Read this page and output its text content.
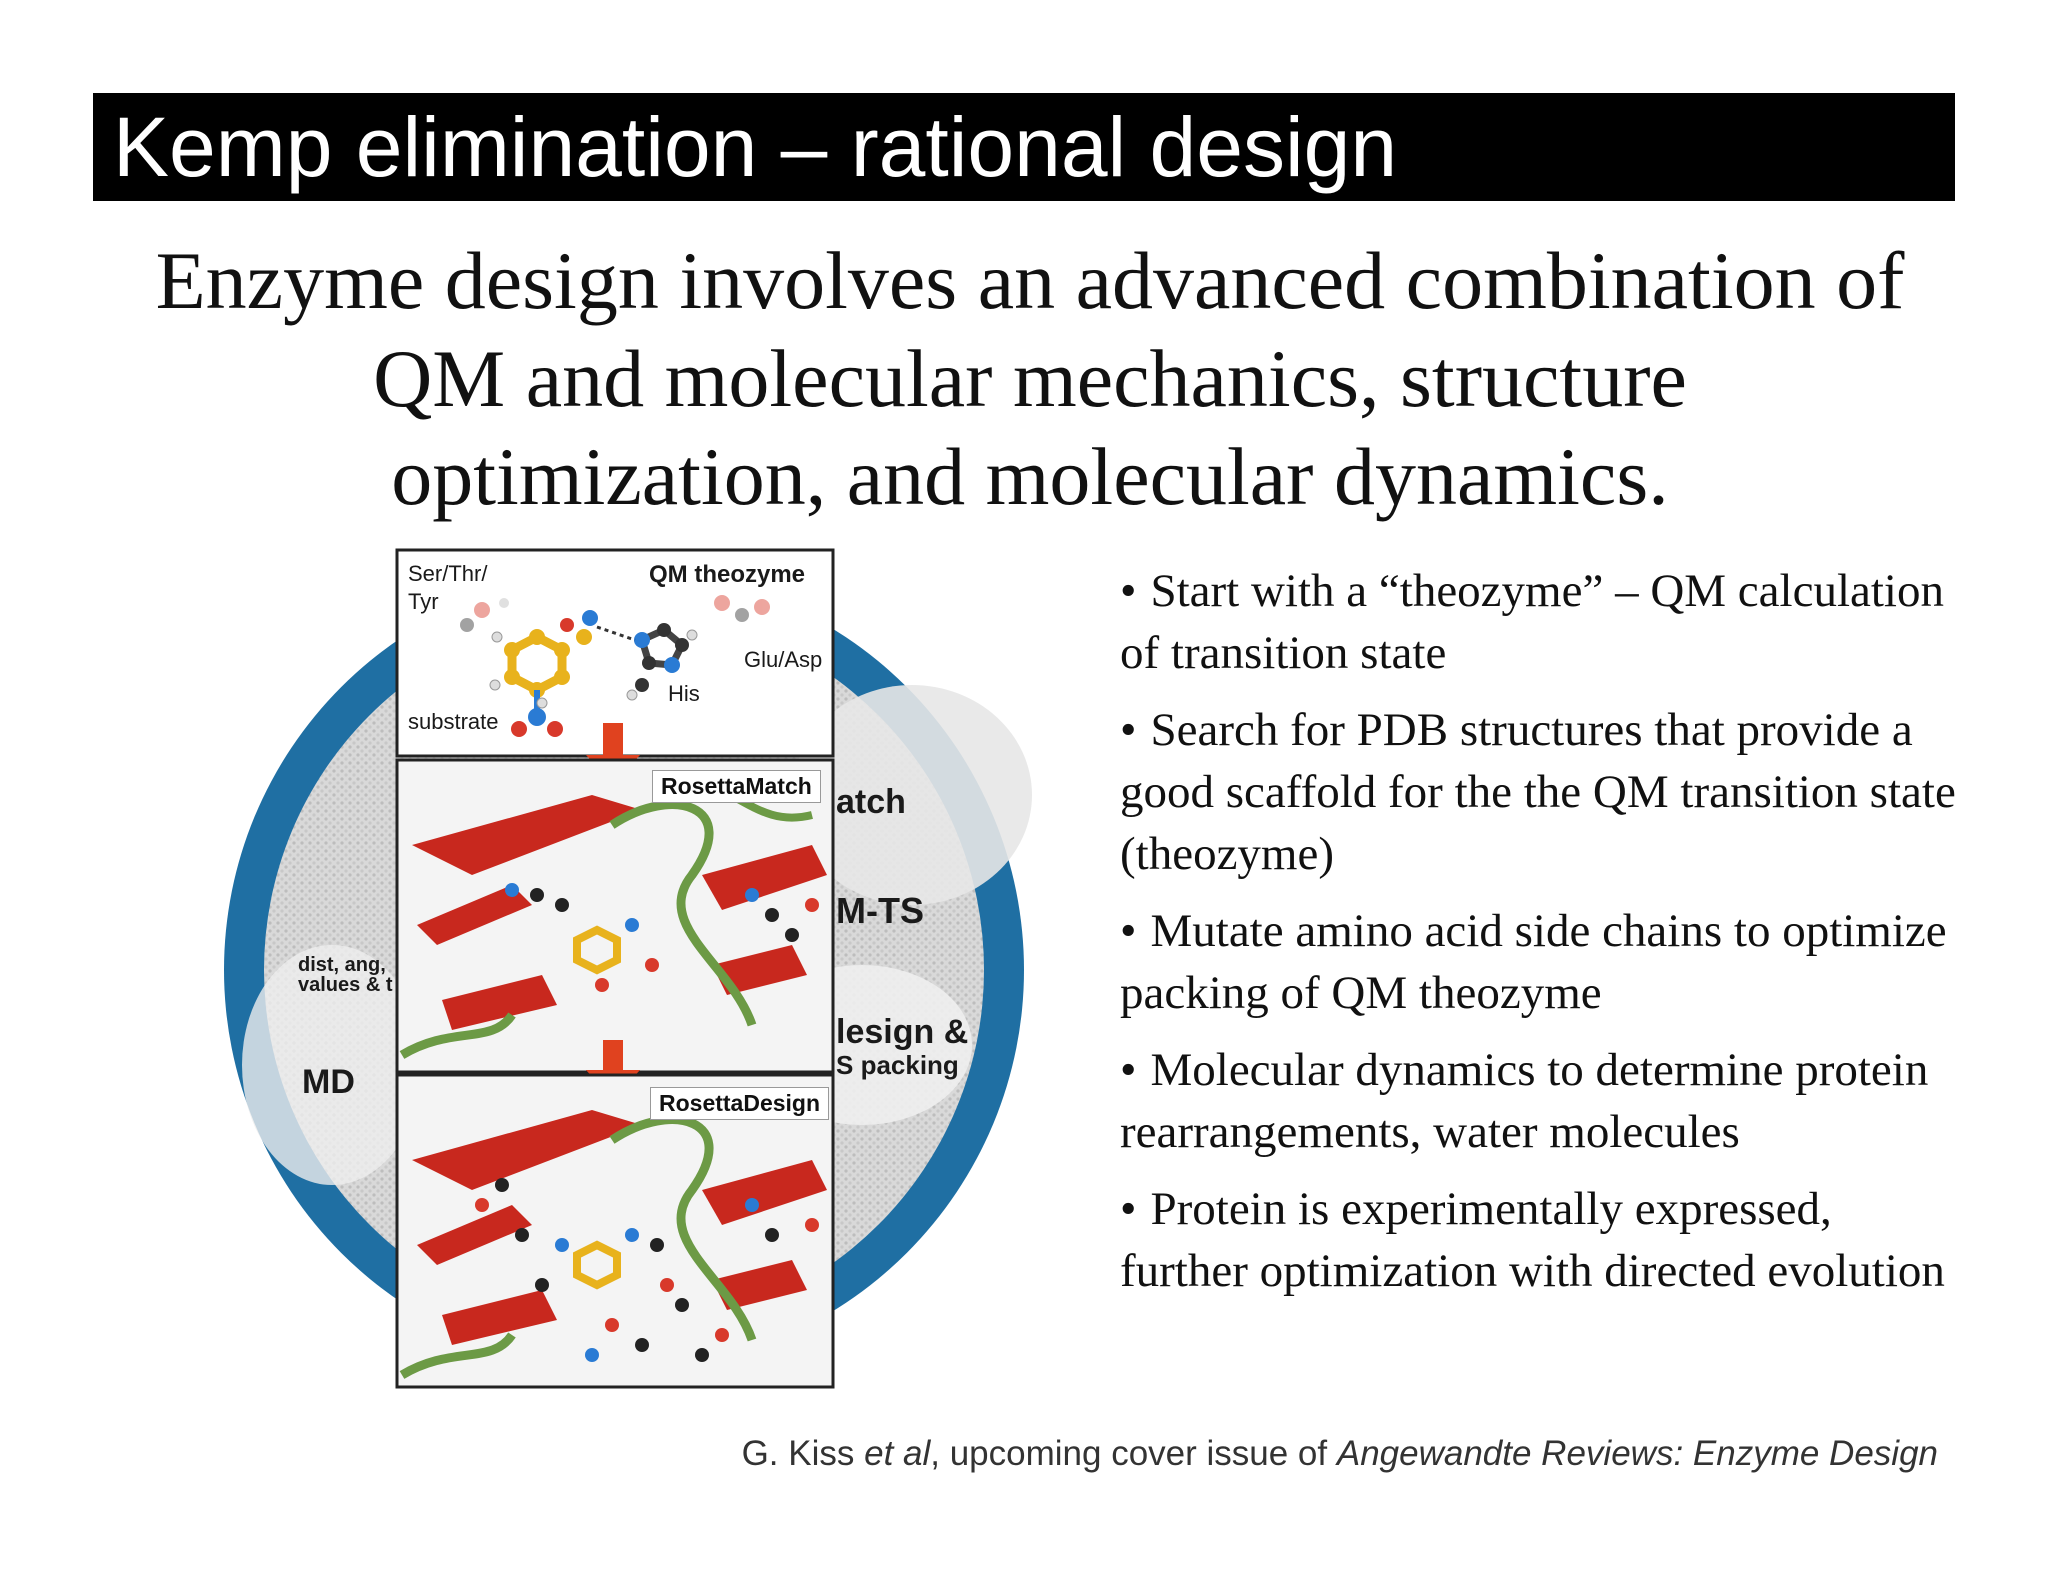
Kemp elimination – rational design
Enzyme design involves an advanced combination of
QM and molecular mechanics, structure
optimization, and molecular dynamics.
Ser/Thr/
Tyr
QM theozyme
Glu/Asp
His
substrate
RosettaMatch
RosettaDesign
atch
M-TS
lesign &
S packing
dist, ang,
values & t
MD
• Start with a “theozyme” – QM calculation of transition state
• Search for PDB structures that provide a good scaffold for the the QM transition state (theozyme)
• Mutate amino acid side chains to optimize packing of QM theozyme
• Molecular dynamics to determine protein rearrangements, water molecules
• Protein is experimentally expressed, further optimization with directed evolution
G. Kiss et al, upcoming cover issue of Angewandte Reviews: Enzyme Design
